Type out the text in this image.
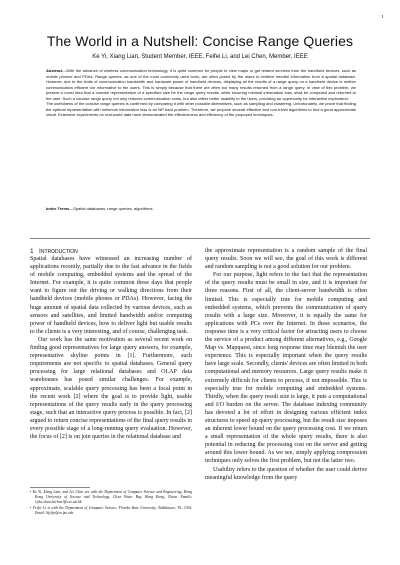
1
The World in a Nutshell: Concise Range Queries
Ke Yi, Xiang Lian, Student Member, IEEE, Feifei Li, and Lei Chen, Member, IEEE

Abstract—With the advance of wireless communication technology, it is quite common for people to view maps or get related services from the handheld devices, such as mobile phones and PDAs. Range queries, as one of the most commonly used tools, are often posed by the users to retrieve needful information from a spatial database. However, due to the limits of communication bandwidth and hardware power of handheld devices, displaying all the results of a range query on a handheld device is neither communication efficient nor informative to the users. This is simply because that there are often too many results returned from a range query. In view of this problem, we present a novel idea that a concise representation of a specified size for the range query results, while incurring minimal information loss, shall be computed and returned to the user. Such a concise range query not only reduces communication costs, but also offers better usability to the users, providing an opportunity for interactive exploration.

The usefulness of the concise range queries is confirmed by comparing it with other possible alternatives, such as sampling and clustering. Unfortunately, we prove that finding the optimal representation with minimum information loss is an NP-hard problem. Therefore, we propose several effective and non-trivial algorithms to find a good approximate result. Extensive experiments on real-world data have demonstrated the effectiveness and efficiency of the proposed techniques.

Index Terms—Spatial databases, range queries, algorithms.

1 Introduction

Spatial databases have witnessed an increasing number of applications recently, partially due to the fast advance in the fields of mobile computing, embedded systems and the spread of the Internet. For example, it is quite common these days that people want to figure out the driving or walking directions from their handheld devices (mobile phones or PDAs). However, facing the huge amount of spatial data collected by various devices, such as sensors and satellites, and limited bandwidth and/or computing power of handheld devices, how to deliver light but usable results to the clients is a very interesting, and of course, challenging task.

Our work has the same motivation as several recent work on finding good representatives for large query answers, for example, representative skyline points in [1]. Furthermore, such requirements are not specific to spatial databases. General query processing for large relational databases and OLAP data warehouses has posed similar challenges. For example, approximate, scalable query processing has been a focal point in the recent work [2] where the goal is to provide light, usable representations of the query results early in the query processing stage, such that an interactive query process is possible. In fact, [2] argued to return concise representations of the final query results in every possible stage of a long-running query evaluation. However, the focus of [2] is on join queries in the relational database and

the approximate representation is a random sample of the final query results. Soon we will see, the goal of this work is different and random sampling is not a good solution for our problem.

For our purpose, light refers to the fact that the representation of the query results must be small in size, and it is important for three reasons. First of all, the client-server bandwidth is often limited. This is especially true for mobile computing and embedded systems, which prevents the communication of query results with a large size. Moreover, it is equally the same for applications with PCs over the Internet. In these scenarios, the response time is a very critical factor for attracting users to choose the service of a product among different alternatives, e.g., Google Map vs. Mapquest, since long response time may blemish the user experience. This is especially important when the query results have large scale. Secondly, clients' devices are often limited in both computational and memory resources. Large query results make it extremely difficult for clients to process, if not impossible. This is especially true for mobile computing and embedded systems. Thirdly, when the query result size is large, it puts a computational and I/O burden on the server. The database indexing community has devoted a lot of effort in designing various efficient index structures to speed up query processing, but the result size imposes an inherent lower bound on the query processing cost. If we return a small representation of the whole query results, there is also potential in reducing the processing cost on the server and getting around this lower bound. As we see, simply applying compression techniques only solves the first problem, but not the latter two.

Usability refers to the question of whether the user could derive meaningful knowledge from the query

• Ke Yi, Xiang Lian, and Lei Chen are with the Department of Computer Science and Engineering, Hong Kong University of Science and Technology, Clear Water Bay, Hong Kong, China. Emails: {yike,xlian,leichen}@cse.ust.hk

• Feifei Li is with the Department of Computer Science, Florida State University, Tallahassee, FL, USA. Email: lifeifei@cs.fsu.edu
